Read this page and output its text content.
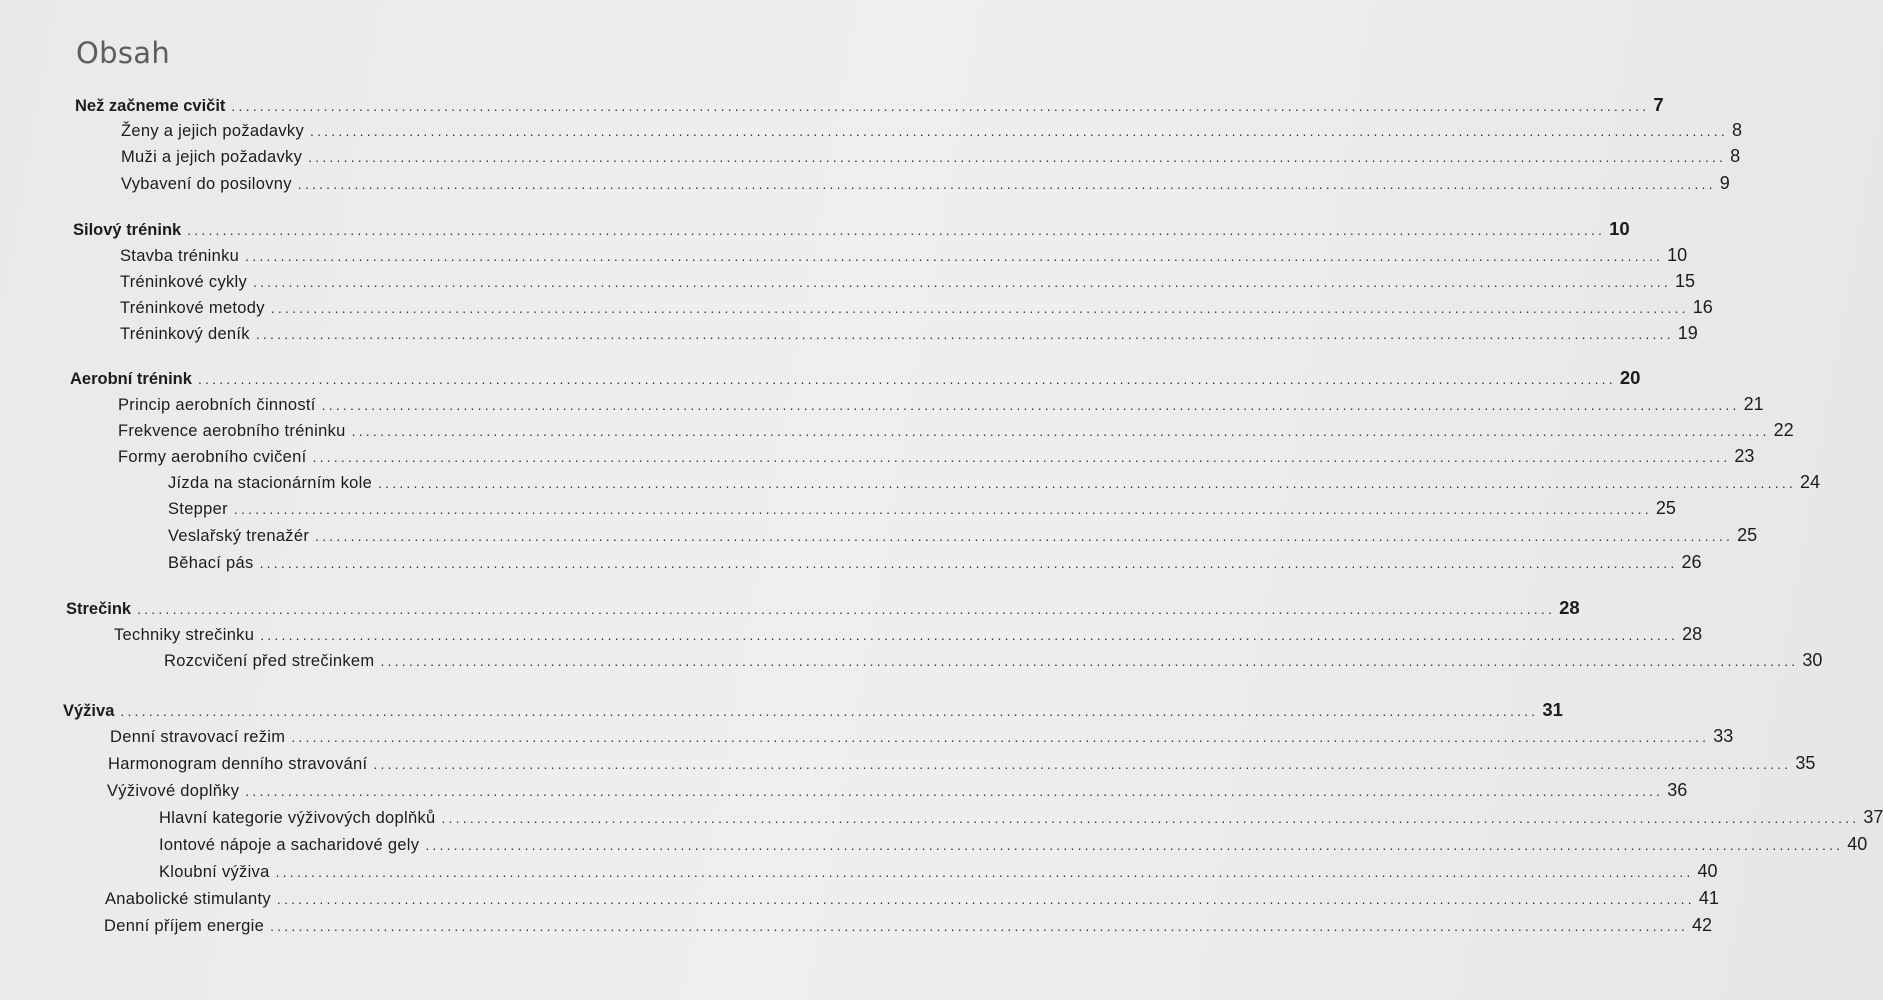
Obsah
Než začneme cvičit ........................................................................................................................................................................................................ 7
Ženy a jejich požadavky ........................................................................................................................................................................................................ 8
Muži a jejich požadavky ........................................................................................................................................................................................................ 8
Vybavení do posilovny ........................................................................................................................................................................................................ 9
Silový trénink ........................................................................................................................................................................................................ 10
Stavba tréninku ........................................................................................................................................................................................................ 10
Tréninkové cykly ........................................................................................................................................................................................................ 15
Tréninkové metody ........................................................................................................................................................................................................ 16
Tréninkový deník ........................................................................................................................................................................................................ 19
Aerobní trénink ........................................................................................................................................................................................................ 20
Princip aerobních činností ........................................................................................................................................................................................................ 21
Frekvence aerobního tréninku ........................................................................................................................................................................................................ 22
Formy aerobního cvičení ........................................................................................................................................................................................................ 23
Jízda na stacionárním kole ........................................................................................................................................................................................................ 24
Stepper ........................................................................................................................................................................................................ 25
Veslařský trenažér ........................................................................................................................................................................................................ 25
Běhací pás ........................................................................................................................................................................................................ 26
Strečink ........................................................................................................................................................................................................ 28
Techniky strečinku ........................................................................................................................................................................................................ 28
Rozcvičení před strečinkem ........................................................................................................................................................................................................ 30
Výživa ........................................................................................................................................................................................................ 31
Denní stravovací režim ........................................................................................................................................................................................................ 33
Harmonogram denního stravování ........................................................................................................................................................................................................ 35
Výživové doplňky ........................................................................................................................................................................................................ 36
Hlavní kategorie výživových doplňků ........................................................................................................................................................................................................ 37
Iontové nápoje a sacharidové gely ........................................................................................................................................................................................................ 40
Kloubní výživa ........................................................................................................................................................................................................ 40
Anabolické stimulanty ........................................................................................................................................................................................................ 41
Denní příjem energie ........................................................................................................................................................................................................ 42
